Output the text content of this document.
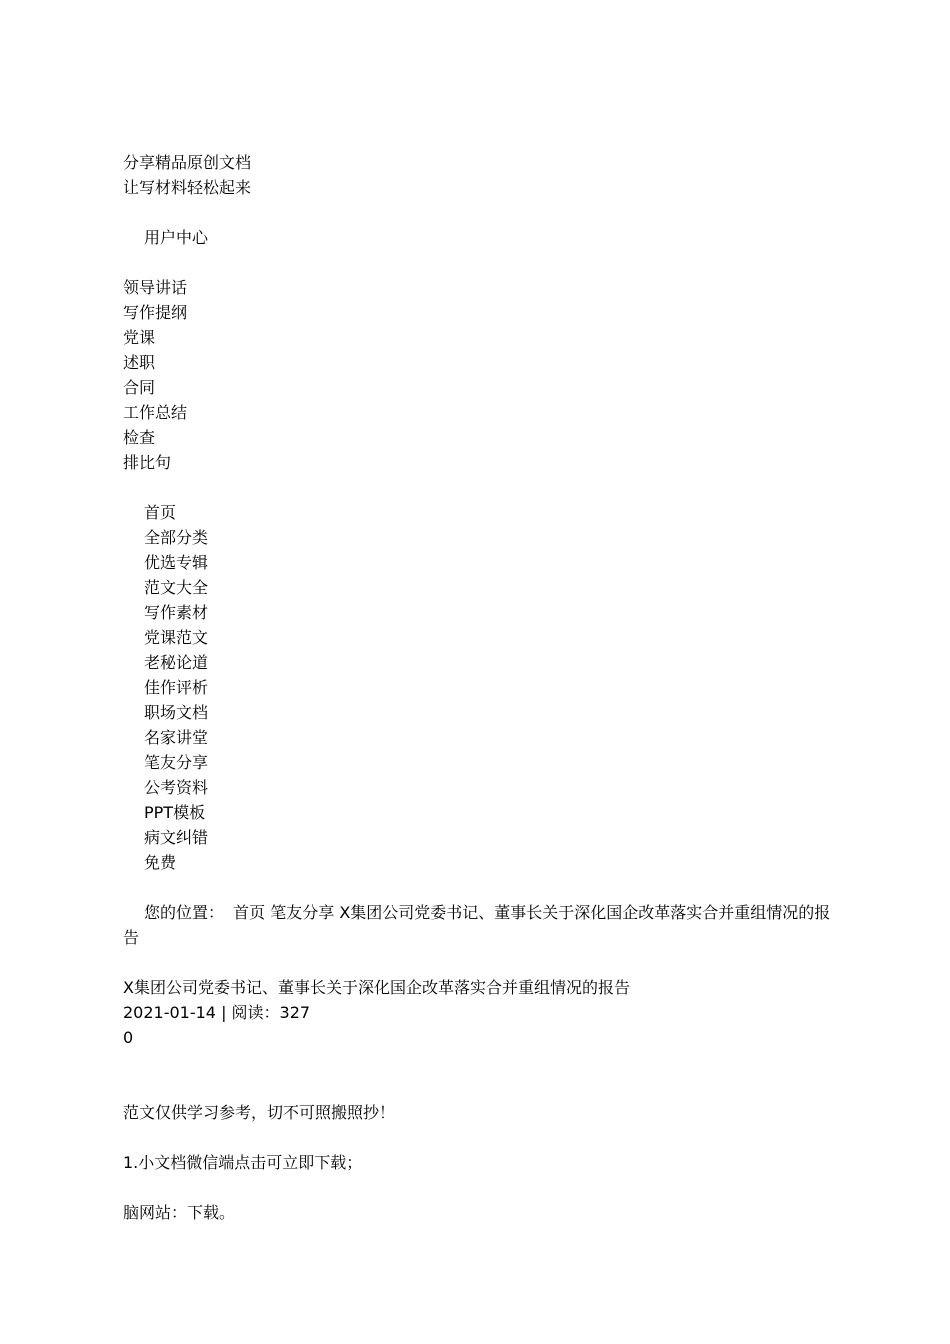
分享精品原创文档
让写材料轻松起来
用户中心
领导讲话
写作提纲
党课
述职
合同
工作总结
检查
排比句
首页
全部分类
优选专辑
范文大全
写作素材
党课范文
老秘论道
佳作评析
职场文档
名家讲堂
笔友分享
公考资料
PPT模板
病文纠错
免费
您的位置： 首页 笔友分享 X集团公司党委书记、董事长关于深化国企改革落实合并重组情况的报告
X集团公司党委书记、董事长关于深化国企改革落实合并重组情况的报告
2021-01-14 | 阅读：327
0
范文仅供学习参考，切不可照搬照抄！
1.小文档微信端点击可立即下载；
脑网站：下载。
